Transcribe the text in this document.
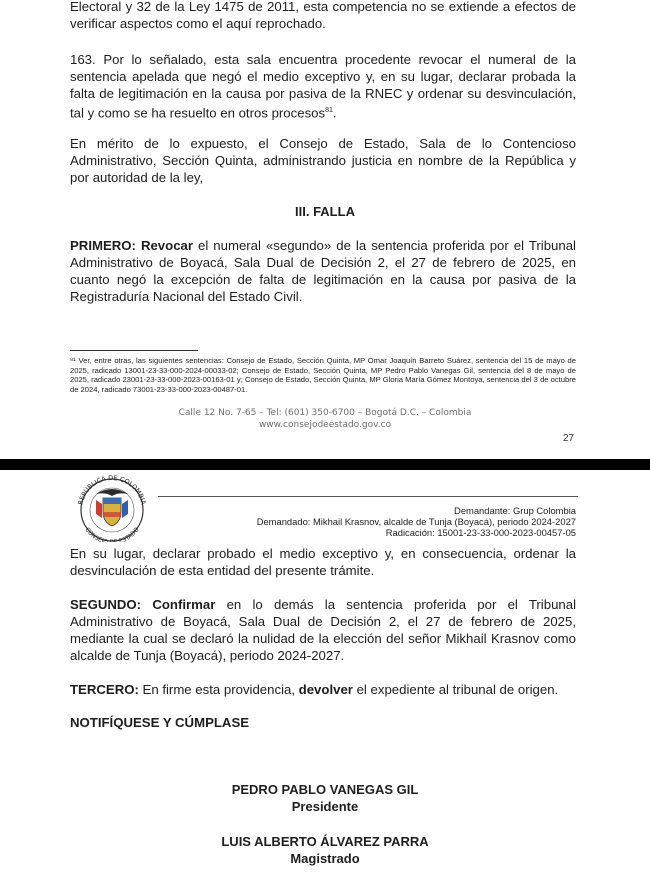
Electoral y 32 de la Ley 1475 de 2011, esta competencia no se extiende a efectos de verificar aspectos como el aquí reprochado.

163. Por lo señalado, esta sala encuentra procedente revocar el numeral de la sentencia apelada que negó el medio exceptivo y, en su lugar, declarar probada la falta de legitimación en la causa por pasiva de la RNEC y ordenar su desvinculación, tal y como se ha resuelto en otros procesos$^{81}$.

En mérito de lo expuesto, el Consejo de Estado, Sala de lo Contencioso Administrativo, Sección Quinta, administrando justicia en nombre de la República y por autoridad de la ley,

III. FALLA

PRIMERO: Revocar el numeral «segundo» de la sentencia proferida por el Tribunal Administrativo de Boyacá, Sala Dual de Decisión 2, el 27 de febrero de 2025, en cuanto negó la excepción de falta de legitimación en la causa por pasiva de la Registraduría Nacional del Estado Civil.

⁸¹ Ver, entre otras, las siguientes sentencias: Consejo de Estado, Sección Quinta, MP Omar Joaquín Barreto Suárez, sentencia del 15 de mayo de 2025, radicado 13001-23-33-000-2024-00033-02; Consejo de Estado, Sección Quinta, MP Pedro Pablo Vanegas Gil, sentencia del 8 de mayo de 2025, radicado 23001-23-33-000-2023-00163-01 y; Consejo de Estado, Sección Quinta, MP Gloria María Gómez Montoya, sentencia del 3 de octubre de 2024, radicado 73001-23-33-000-2023-00487-01.
Calle 12 No. 7-65 – Tel: (601) 350-6700 – Bogotá D.C. – Colombia
www.consejodeestado.gov.co
27
REPÚBLICA DE COLOMBIA
CONSEJO ESTADO
Demandante: Grup Colombia
Demandado: Mikhail Krasnov, alcalde de Tunja (Boyacá), periodo 2024-2027
Radicación: 15001-23-33-000-2023-00457-05

En su lugar, declarar probado el medio exceptivo y, en consecuencia, ordenar la desvinculación de esta entidad del presente trámite.

SEGUNDO: Confirmar en lo demás la sentencia proferida por el Tribunal Administrativo de Boyacá, Sala Dual de Decisión 2, el 27 de febrero de 2025, mediante la cual se declaró la nulidad de la elección del señor Mikhail Krasnov como alcalde de Tunja (Boyacá), periodo 2024-2027.

TERCERO: En firme esta providencia, devolver el expediente al tribunal de origen.

NOTIFÍQUESE Y CÚMPLASE

PEDRO PABLO VANEGAS GIL
Presidente
LUIS ALBERTO ÁLVAREZ PARRA
Magistrado
